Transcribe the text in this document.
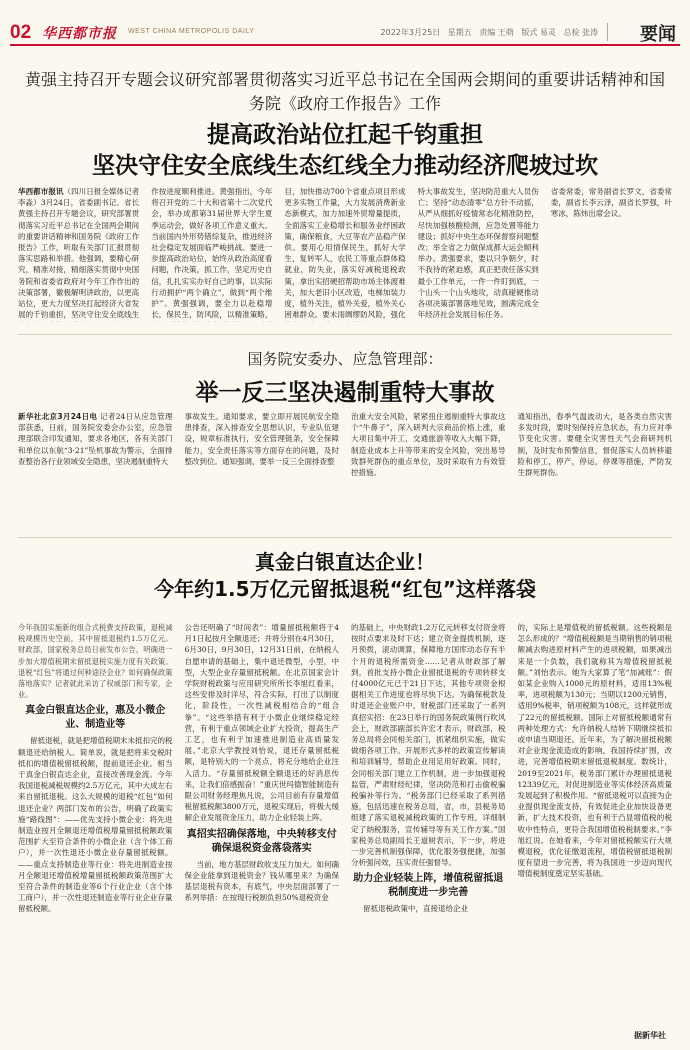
02 华西都市报 WEST CHINA METROPOLIS DAILY	2022年3月25日 星期五 责编 王萌 版式 易灵 总检 张涛 要闻
黄强主持召开专题会议研究部署贯彻落实习近平总书记在全国两会期间的重要讲话精神和国务院《政府工作报告》工作
提高政治站位扛起千钧重担
坚决守住安全底线生态红线全力推动经济爬坡过坎

华西都市报讯（四川日报全媒体记者 李淼）3月24日，省委副书记、省长黄强主持召开专题会议，研究部署贯彻落实习近平总书记在全国两会期间的重要讲话精神和国务院《政府工作报告》工作，听取有关部门汇报贯彻落实思路和举措。他强调，要精心研究，精准对接，精细落实贯彻中央国务院和省委省政府对今年工作作出的决策部署，徽极解明讲政治，以更高站位，更大力度坚决扛起经济大省发展的千钧重担，坚决守住安全底线生

作按进度顺利推进。黄强指出，今年将召开党的二十大和省第十二次党代会，举办成都第31届世界大学生夏季运动会，做好各项工作意义重大。当前国内外形势错综复杂，推进经济社会稳定发展面临严峻挑战。要进一步提高政治站位，始终从政治高度看问题，作决策，抓工作，坚定历史自信，扎扎实实办好自己的事，以实际行动拥护“两个确立”，做到“两个维护”。黄强强调，要全力以赴稳增长，保民生，防风险，以精准策略，

目，加快推动700个省重点项目形成更多实物工作量，大力发展消费新业态新模式，加力加速外贸增量提质，全面落实工业稳增长和服务业纾困政策，确保粮食，大豆等农产品稳产保供。要用心用情保民生，抓好大学生，复转军人，农民工等重点群体稳就业，防失业，落实好减税退税政策，拿出实招硬招帮助市场主体渡难关，加大老旧小区改造，电梯加装力度，植外关注，植外关爱，植外关心困难群众。要未雨绸缪防风险，强化

特大事故发生，坚决防范重大人员伤亡；坚持“动态清零”总方针不动摇，从严从细抓好疫情常态化精准防控，尽快加强核酸检测，应急处置等能力建设；抓好中央生态环保督察问题整改；举全省之力做保成都大运会顺利举办。黄强要求，要以只争朝夕，时不我待的紧迫感，真正把责任落实到最小工作单元，一件一件盯到底，一个山头一个山头地攻，动真碰硬推动各项决策部署落地见效，圆满完成全年经济社会发展目标任务。

省委常委，常务副省长罗文，省委常委，副省长李云泽，副省长罗强，叶寒冰，陈炜出席会议。

国务院安委办、应急管理部：
举一反三坚决遏制重特大事故

新华社北京3月24日电 记者24日从应急管理部获悉，日前，国务院安委会办公室，应急管理部联合印发通知，要求各地区，各有关部门和单位以东航“3·21”坠机事故为警示，全面排查整治各行业领域安全隐患，坚决遏制重特大

事故发生。通知要求，要立即开展民航安全隐患排查，深入排查安全思想认识，专业队伍建设，规章标准执行，安全管理链条，安全保障能力，安全责任落实等方面存在的问题，及时整改到位。通知强调，要举一反三全面排查整

治重大安全风险，紧紧扭住遏制重特大事故这个“牛鼻子”，深入研判大宗商品价格上涨，重大项目集中开工，交通旅游等收入大幅下降，制造业成本上升等带来的安全风险，突出易导致群死群伤的重点单位，及时采取有力有效管控措施。

通知指出，春季气温波动大，是各类自然灾害多发时段，要时刻保持应急状态，有力应对季节变化灾害。要健全灾害性天气会商研判机制，及时发布预警信息，督促落实人员转移避险和停工，停产，停运，停课等措施，严防发生群死群伤。

真金白银直达企业！
今年约1.5万亿元留抵退税“红包”这样落袋

今年我国实施新的组合式税费支持政策，退税减税规模历史空前，其中留抵退税约1.5万亿元。财政部，国家税务总局日前发布公告，明确进一步加大增值税期末留抵退税实施力度有关政策。退税“红包”将通过何种途径会业？如何确保政策落地落实？记者就此采访了权威部门和专家，企业。

真金白银直达企业，惠及小微企业、制造业等

留抵退税，就是把增值税期末未抵扣完的税额退还给纳税人。简单说，就是把将来交税时抵扣的增值税留抵税额，提前退还企业。相当于真金白银直达企业，直接改善现金流。今年我国退税减税规模约2.5万亿元，其中大成左右来自留抵退税。这么大规模的退税“红包”如何退还企业？两部门发布的公告，明确了政策实施“路线图”：——优先支持小微企业：将先进制造业按月全额退还增值税增量留抵税额政策范围扩大至符合条件的小微企业（含个体工商户），并一次性退还小微企业存量留抵税额。——重点支持制造业等行业：将先进制造业按月全额退还增值税增量留抵税额政策范围扩大至符合条件的制造业等6个行业企业（含个体工商户），并一次性退还制造业等行业企业存量留抵税额。

公告还明确了“时间表”：增量留抵税额将于4月1日起按月全额退还；并将分别在4月30日，6月30日，9月30日，12月31日前，在纳税人自愿申请的基础上，集中退还微型，小型，中型，大型企业存量留抵税额。在北京国家会计学院财税政策与应用研究所所长李旭红看来，这些安排及时洋尽，符合实际，打出了以制度化，阶段性，一次性减税相结合的“组合拳”。“这些举措有利于小微企业继续稳定经营，有利于重点领域企业扩大投资，提高生产工艺，也有利于加速推进制造业高质量发展。”北京大学教授刘怡说，退还存量留抵税额，是特别大的一个亮点，将充分地给企业注入活力。“存量留抵税额全额退还的好消息传来，让我们倍感振奋！”重庆世玛德智能制造有限公司财务经理焦凡说，公司目前有存量增值税留抵税额3800万元，退税实现后，将极大缓解企业发展资金压力，助力企业轻装上阵。

真招实招确保落地，中央转移支付确保退税资金落袋落实

当前，地方基层财政收支压力加大。如何确保企业能拿到退税资金？钱从哪里来？为确保基层退税有资本，有底气，中央层面部署了一系列举措：在按现行税制负担50%退税资金

的基础上，中央财政1.2万亿元转移支付资金将按时点要求及时下达；建立资金提拨机制，逐月预拨，滚动调算，保障地方国库动态存有半个月的退税所需资金……记者从财政部了解到，首批支持小微企业留抵退税的专项转移支付4000亿元已于21日下达，其他专项资金根据相关工作进度也将尽快下达。为确保税款及时退还企业账户中，财税部门还采取了一系列真招实招：在23日举行的国务院政策例行吹风会上，财政部副部长许宏才表示，财政部，税务总局将会同相关部门，抓紧组织实施，做实做细各项工作。开展形式多样的政策宣传解读和培训辅导，帮助企业用足用好政策。同时，会同相关部门建立工作机制，进一步加强退税监管，严肃财经纪律，坚决防范和打击偷税骗税骗补等行为。“税务部门已经采取了系列措施，包括迅速在税务总局，省，市，县税务局组建了落实退税减税政策的工作专班，详细制定了纳税服务，宣传辅导等有关工作方案。”国家税务总局副局长王道树表示，下一步，将进一步完善机制强保障，优化服务强便捷，加强分析强问效，压实责任强督导。

助力企业轻装上阵，增值税留抵退税制度进一步完善

留抵退税政策中，直接退给企业

的，实际上是增值税的留抵税额。这些税额是怎么形成的？“增值税税额是当期销售的销项税额减去购进原材料产生的进项税额，如果减出来是一个负数，我们就称其为增值税留抵税额。”刘怡表示。她为大家算了笔“加减账”：假如某企业购入1000元的原材料，适用13%税率，进项税额为130元；当期以1200元销售，适用9%税率，销项税额为108元，这样就形成了22元的留抵税额。国际上对留抵税额通常有两种处理方式：允许纳税人结转下期继续抵扣或申请当期退还。近年来，为了解决留抵税额对企业现金流造成的影响，我国持续扩围，改进，完善增值税期末留抵退税制度。数统计，2019至2021年，税务部门累计办理留抵退税12339亿元，对促进制造业等实体经济高质量发展起到了积极作用。“留抵退税可以直接为企业提供现金流支持，有效促进企业加快设备更新，扩大技术投资，也有利于凸显增值税的税收中性特点，更符合我国增值税税制要求。”李旭红说。在她看来，今年对留抵税额实行大规模退税，优化征缴退流程，增值税留抵退税制度有望进一步完善，将为我国进一步迈向现代增值税制度奠定坚实基础。

据新华社
